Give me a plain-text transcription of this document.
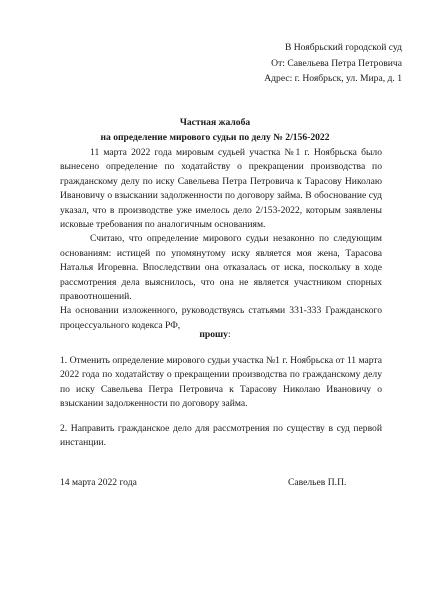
В Ноябрьский городской суд
От: Савельева Петра Петровича
Адрес: г. Ноябрьск, ул. Мира, д. 1
Частная жалоба
на определение мирового судьи по делу № 2/156-2022

11 марта 2022 года мировым судьей участка №1 г. Ноябрьска было вынесено определение по ходатайству о прекращении производства по гражданскому делу по иску Савельева Петра Петровича к Тарасову Николаю Ивановичу о взыскании задолженности по договору займа. В обоснование суд указал, что в производстве уже имелось дело 2/153-2022, которым заявлены исковые требования по аналогичным основаниям.

Считаю, что определение мирового судьи незаконно по следующим основаниям: истицей по упомянутому иску является моя жена, Тарасова Наталья Игоревна. Впоследствии она отказалась от иска, поскольку в ходе рассмотрения дела выяснилось, что она не является участником спорных правоотношений.

На основании изложенного, руководствуясь статьями 331-333 Гражданского процессуального кодекса РФ,

прошу:

1. Отменить определение мирового судьи участка №1 г. Ноябрьска от 11 марта 2022 года по ходатайству о прекращении производства по гражданскому делу по иску Савельева Петра Петровича к Тарасову Николаю Ивановичу о взыскании задолженности по договору займа.

2. Направить гражданское дело для рассмотрения по существу в суд первой инстанции.

14 марта 2022 года	Савельев П.П.
